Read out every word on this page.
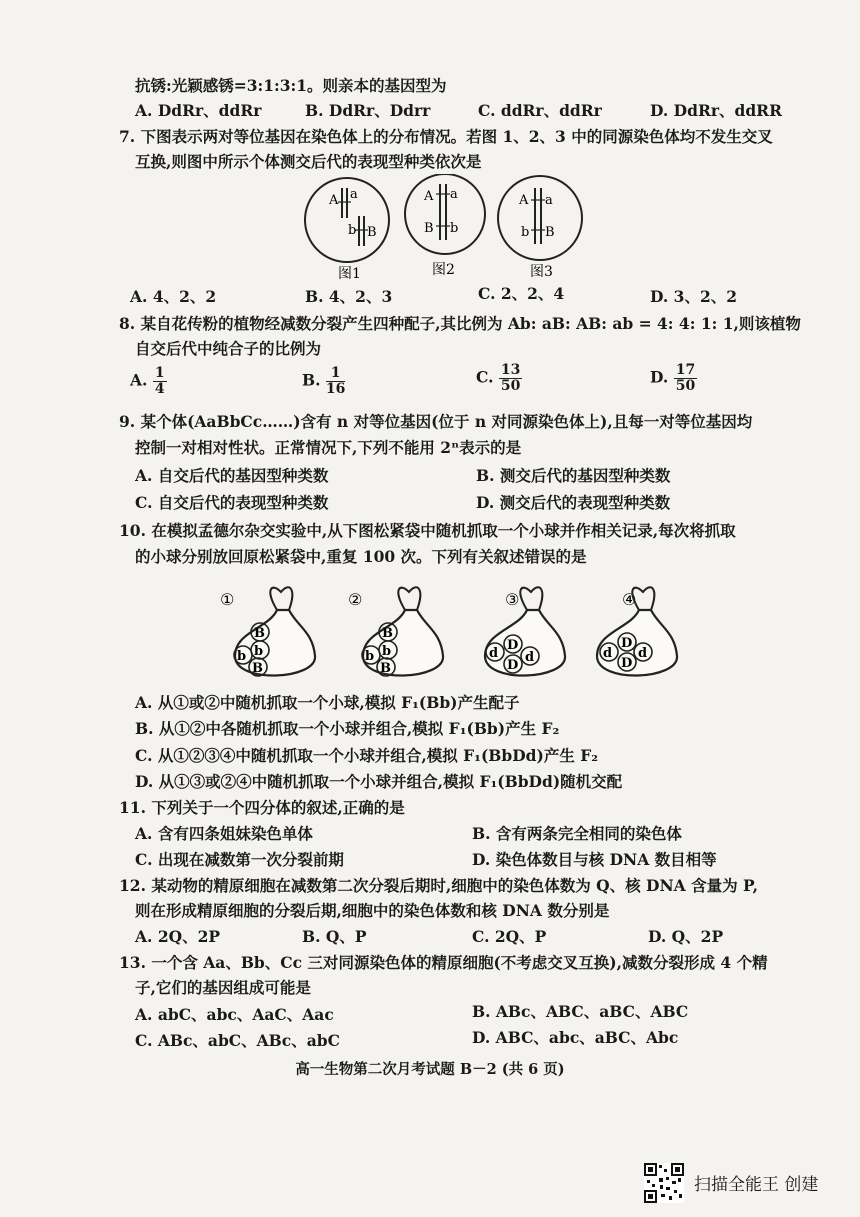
抗锈:光颖感锈=3:1:3:1。则亲本的基因型为
A. DdRr、ddRr	B. DdRr、Ddrr	C. ddRr、ddRr	D. DdRr、ddRR
7. 下图表示两对等位基因在染色体上的分布情况。若图 1、2、3 中的同源染色体均不发生交叉
互换,则图中所示个体测交后代的表现型种类依次是
A a
b B
图1
A a
B b
图2
A a
b B
图3
A. 4、2、2	B. 4、2、3	C. 2、2、4	D. 3、2、2
8. 某自花传粉的植物经减数分裂产生四种配子,其比例为 Ab: aB: AB: ab = 4: 4: 1: 1,则该植物
自交后代中纯合子的比例为
A. $\frac{1}{4}$	B. $\frac{1}{16}$	C. $\frac{13}{50}$	D. $\frac{17}{50}$
9. 某个体(AaBbCc……)含有 n 对等位基因(位于 n 对同源染色体上),且每一对等位基因均
控制一对相对性状。正常情况下,下列不能用 2ⁿ表示的是
A. 自交后代的基因型种类数	B. 测交后代的基因型种类数
C. 自交后代的表现型种类数	D. 测交后代的表现型种类数
10. 在模拟孟德尔杂交实验中,从下图松紧袋中随机抓取一个小球并作相关记录,每次将抓取
的小球分别放回原松紧袋中,重复 100 次。下列有关叙述错误的是
①
b
B
b
B
②
b
B
b
B
③
d
D
D
d
④
d
D
D
d
A. 从①或②中随机抓取一个小球,模拟 F₁(Bb)产生配子
B. 从①②中各随机抓取一个小球并组合,模拟 F₁(Bb)产生 F₂
C. 从①②③④中随机抓取一个小球并组合,模拟 F₁(BbDd)产生 F₂
D. 从①③或②④中随机抓取一个小球并组合,模拟 F₁(BbDd)随机交配
11. 下列关于一个四分体的叙述,正确的是
A. 含有四条姐妹染色单体	B. 含有两条完全相同的染色体
C. 出现在减数第一次分裂前期	D. 染色体数目与核 DNA 数目相等
12. 某动物的精原细胞在减数第二次分裂后期时,细胞中的染色体数为 Q、核 DNA 含量为 P,
则在形成精原细胞的分裂后期,细胞中的染色体数和核 DNA 数分别是
A. 2Q、2P	B. Q、P	C. 2Q、P	D. Q、2P
13. 一个含 Aa、Bb、Cc 三对同源染色体的精原细胞(不考虑交叉互换),减数分裂形成 4 个精
子,它们的基因组成可能是
A. abC、abc、AaC、Aac	B. ABc、ABC、aBC、ABC
C. ABc、abC、ABc、abC	D. ABC、abc、aBC、Abc
高一生物第二次月考试题 B－2 (共 6 页)
扫描全能王 创建
